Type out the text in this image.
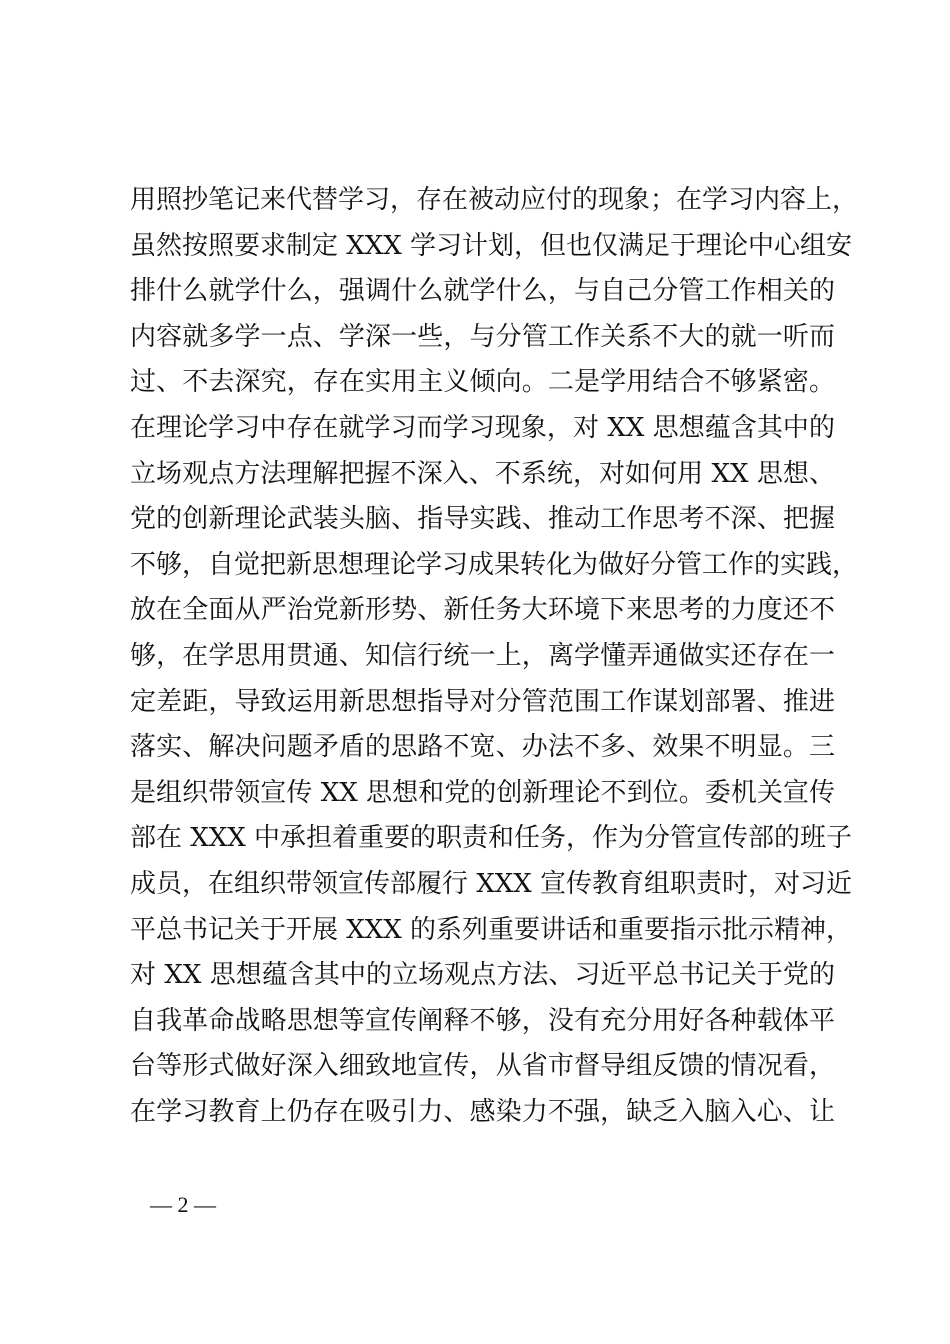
用照抄笔记来代替学习，存在被动应付的现象；在学习内容上，
虽然按照要求制定 XXX 学习计划，但也仅满足于理论中心组安
排什么就学什么，强调什么就学什么，与自己分管工作相关的
内容就多学一点、学深一些，与分管工作关系不大的就一听而
过、不去深究，存在实用主义倾向。二是学用结合不够紧密。
在理论学习中存在就学习而学习现象，对 XX 思想蕴含其中的
立场观点方法理解把握不深入、不系统，对如何用 XX 思想、
党的创新理论武装头脑、指导实践、推动工作思考不深、把握
不够，自觉把新思想理论学习成果转化为做好分管工作的实践，
放在全面从严治党新形势、新任务大环境下来思考的力度还不
够，在学思用贯通、知信行统一上，离学懂弄通做实还存在一
定差距，导致运用新思想指导对分管范围工作谋划部署、推进
落实、解决问题矛盾的思路不宽、办法不多、效果不明显。三
是组织带领宣传 XX 思想和党的创新理论不到位。委机关宣传
部在 XXX 中承担着重要的职责和任务，作为分管宣传部的班子
成员，在组织带领宣传部履行 XXX 宣传教育组职责时，对习近
平总书记关于开展 XXX 的系列重要讲话和重要指示批示精神，
对 XX 思想蕴含其中的立场观点方法、习近平总书记关于党的
自我革命战略思想等宣传阐释不够，没有充分用好各种载体平
台等形式做好深入细致地宣传，从省市督导组反馈的情况看，
在学习教育上仍存在吸引力、感染力不强，缺乏入脑入心、让
— 2 —
